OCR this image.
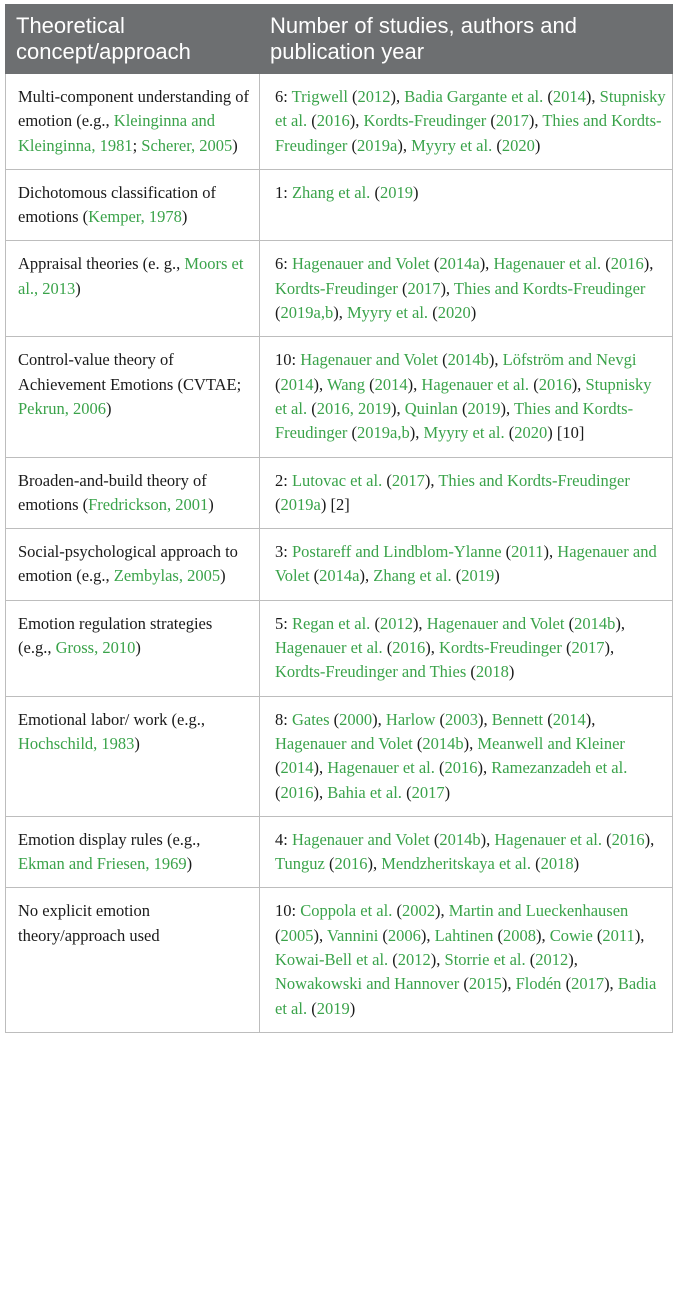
Theoretical concept/approach	Number of studies, authors and publication year
Multi-component understanding of emotion (e.g., Kleinginna and Kleinginna, 1981; Scherer, 2005)	6: Trigwell (2012), Badia Gargante et al. (2014), Stupnisky et al. (2016), Kordts-Freudinger (2017), Thies and Kordts-Freudinger (2019a), Myyry et al. (2020)
Dichotomous classification of emotions (Kemper, 1978)	1: Zhang et al. (2019)
Appraisal theories (e. g., Moors et al., 2013)	6: Hagenauer and Volet (2014a), Hagenauer et al. (2016), Kordts-Freudinger (2017), Thies and Kordts-Freudinger (2019a,b), Myyry et al. (2020)
Control-value theory of Achievement Emotions (CVTAE; Pekrun, 2006)	10: Hagenauer and Volet (2014b), Löfström and Nevgi (2014), Wang (2014), Hagenauer et al. (2016), Stupnisky et al. (2016, 2019), Quinlan (2019), Thies and Kordts-Freudinger (2019a,b), Myyry et al. (2020) [10]
Broaden-and-build theory of emotions (Fredrickson, 2001)	2: Lutovac et al. (2017), Thies and Kordts-Freudinger (2019a) [2]
Social-psychological approach to emotion (e.g., Zembylas, 2005)	3: Postareff and Lindblom-Ylanne (2011), Hagenauer and Volet (2014a), Zhang et al. (2019)
Emotion regulation strategies (e.g., Gross, 2010)	5: Regan et al. (2012), Hagenauer and Volet (2014b), Hagenauer et al. (2016), Kordts-Freudinger (2017), Kordts-Freudinger and Thies (2018)
Emotional labor/ work (e.g., Hochschild, 1983)	8: Gates (2000), Harlow (2003), Bennett (2014), Hagenauer and Volet (2014b), Meanwell and Kleiner (2014), Hagenauer et al. (2016), Ramezanzadeh et al. (2016), Bahia et al. (2017)
Emotion display rules (e.g., Ekman and Friesen, 1969)	4: Hagenauer and Volet (2014b), Hagenauer et al. (2016), Tunguz (2016), Mendzheritskaya et al. (2018)
No explicit emotion theory/approach used	10: Coppola et al. (2002), Martin and Lueckenhausen (2005), Vannini (2006), Lahtinen (2008), Cowie (2011), Kowai-Bell et al. (2012), Storrie et al. (2012), Nowakowski and Hannover (2015), Flodén (2017), Badia et al. (2019)
